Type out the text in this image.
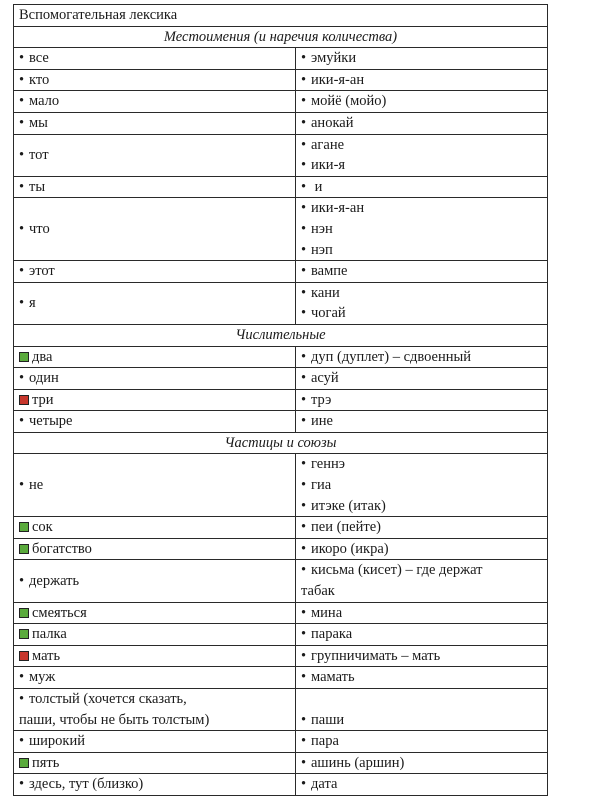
Вспомогательная лексика	
Местоимения (и наречия количества)	

• все	• эмуйки

• кто	• ики-я-ан

• мало	• мойё (мойо)

• мы	• анокай

• тот	• агане
• ики-я

• ты	• и

• что	• ики-я-ан
• нэн
• нэп

• этот	• вампе

• я	• кани
• чогай

Числительные	

два	• дуп (дуплет) – сдвоенный

• один	• асуй

три	• трэ

• четыре	• ине

Частицы и союзы	

• не	• геннэ
• гиа
• итэке (итак)

сок	• пеи (пейте)

богатство	• икоро (икра)

• держать	• кисьма (кисет) – где держат
табак

смеяться	• мина

палка	• парака

мать	• групничимать – мать

• муж	• мамать

• толстый (хочется сказать,
паши, чтобы не быть толстым)	• паши

• широкий	• пара

пять	• ашинь (аршин)

• здесь, тут (близко)	• дата
